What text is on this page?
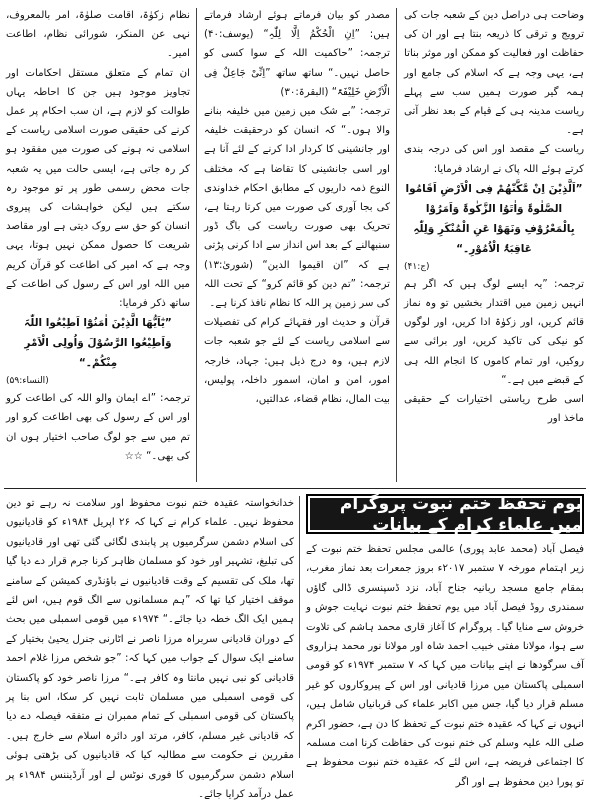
وضاحت ہی دراصل دین کے شعبہ جات کی ترویج و ترقی کا ذریعہ بنتا ہے اور ان کی حفاظت اور فعالیت کو ممکن اور موثر بناتا ہے، یہی وجہ ہے کہ اسلام کی جامع اور ہمہ گیر صورت ہمیں سب سے پہلے ریاست مدینہ ہی کے قیام کے بعد نظر آتی ہے۔

ریاست کے مقصد اور اس کی درجہ بندی کرتے ہوئے اللہ پاک نے ارشاد فرمایا:

”اَلَّذِیْنَ اِنْ مَّکَّنّٰھُمْ فِی الْاَرْضِ اَقَامُوا الصَّلٰوۃَ وَاٰتَوُا الزَّکٰوۃَ وَاَمَرُوْا بِالْمَعْرُوْفِ وَنَھَوْا عَنِ الْمُنْکَرِ وَلِلّٰہِ عَاقِبَۃُ الْاُمُوْرِ۔“

(ج:۴۱)

ترجمہ: ”یہ ایسے لوگ ہیں کہ اگر ہم انہیں زمین میں اقتدار بخشیں تو وہ نماز قائم کریں، اور زکوٰۃ ادا کریں، اور لوگوں کو نیکی کی تاکید کریں، اور برائی سے روکیں، اور تمام کاموں کا انجام اللہ ہی کے قبضے میں ہے۔“

اسی طرح ریاستی اختیارات کے حقیقی ماخذ اور

مصدر کو بیان فرماتے ہوئے ارشاد فرماتے ہیں: ”اِنِ الْحُکْمُ اِلَّا لِلّٰہِ“ (یوسف:۴۰) ترجمہ: ”حاکمیت اللہ کے سوا کسی کو حاصل نہیں۔“ ساتھ ساتھ ”اِنِّیْ جَاعِلٌ فِی الْاَرْضِ خَلِیْفَۃً“ (البقرۃ:۳۰)

ترجمہ: ”بے شک میں زمین میں خلیفہ بنانے والا ہوں۔“ کہ انسان کو درحقیقت خلیفہ اور جانشینی کا کردار ادا کرنے کے لئے آنا ہے اور اسی جانشینی کا تقاضا ہے کہ مختلف النوع ذمہ داریوں کے مطابق احکام خداوندی کی بجا آوری کی صورت میں کرتا رہتا ہے، تحریک بھی صورت ریاست کی باگ ڈور سنبھالنے کے بعد اس انداز سے ادا کرنی پڑتی ہے کہ ”ان اقیموا الدین“ (شوریٰ:۱۳) ترجمہ: ”تم دین کو قائم کرو“ کے تحت اللہ کی سر زمین پر اللہ کا نظام نافذ کرنا ہے۔

قرآن و حدیث اور فقہائے کرام کی تفصیلات سے اسلامی ریاست کے لئے جو شعبہ جات لازم ہیں، وہ درج ذیل ہیں: جہاد، خارجہ امور، امن و امان، اسمور داخلہ، پولیس، بیت المال، نظام قضاء، عدالتیں،

نظام زکوٰۃ، اقامت صلوٰۃ، امر بالمعروف، نہی عن المنکر، شورائی نظام، اطاعت امیر۔

ان تمام کے متعلق مستقل احکامات اور تجاویز موجود ہیں جن کا احاطہ یہاں طوالت کو لازم ہے، ان سب احکام پر عمل کرنے کی حقیقی صورت اسلامی ریاست کے اسلامی نہ ہونے کی صورت میں مفقود ہو کر رہ جاتی ہے، ایسی حالت میں یہ شعبہ جات محض رسمی طور پر تو موجود رہ سکتے ہیں لیکن خواہشات کی پیروی انسان کو حق سے روک دیتی ہے اور مقاصد شریعت کا حصول ممکن نہیں ہوتا، یہی وجہ ہے کہ امیر کی اطاعت کو قرآن کریم میں اللہ اور اس کے رسول کی اطاعت کے ساتھ ذکر فرمایا:

”یٰٓاَیُّھَا الَّذِیْنَ اٰمَنُوْٓا اَطِیْعُوا اللّٰہَ وَاَطِیْعُوا الرَّسُوْلَ وَاُولِی الْاَمْرِ مِنْکُمْ۔“

(النساء:۵۹)

ترجمہ: ”اے ایمان والو اللہ کی اطاعت کرو اور اس کے رسول کی بھی اطاعت کرو اور تم میں سے جو لوگ صاحب اختیار ہوں ان کی بھی۔“ ☆☆

یوم تحفظ ختم نبوت پروگرام میں علماء کرام کے بیانات
فیصل آباد (محمد عابد پوری) عالمی مجلس تحفظ ختم نبوت کے زیر اہتمام مورخہ ۷ ستمبر ۲۰۱۷ء بروز جمعرات بعد نماز مغرب، بمقام جامع مسجد ربانیہ جناح آباد، نزد ڈسپنسری ڈالی گاؤں سمندری روڈ فیصل آباد میں یوم تحفظ ختم نبوت نہایت جوش و خروش سے منایا گیا۔ پروگرام کا آغاز قاری محمد ہاشم کی تلاوت سے ہوا، مولانا مفتی خبیب احمد شاہ اور مولانا نور محمد ہزاروی آف سرگودھا نے اپنے بیانات میں کہا کہ ۷ ستمبر ۱۹۷۴ء کو قومی اسمبلی پاکستان میں مرزا قادیانی اور اس کے پیروکاروں کو غیر مسلم قرار دیا گیا، جس میں اکابر علماء کی قربانیاں شامل ہیں، انہوں نے کہا کہ عقیدہ ختم نبوت کے تحفظ کا دن ہے، حضور اکرم صلی اللہ علیہ وسلم کی ختم نبوت کی حفاظت کرنا امت مسلمہ کا اجتماعی فریضہ ہے، اس لئے کہ عقیدہ ختم نبوت محفوظ ہے تو پورا دین محفوظ ہے اور اگر
خدانخواستہ عقیدہ ختم نبوت محفوظ اور سلامت نہ رہے تو دین محفوظ نہیں۔ علماء کرام نے کہا کہ ۲۶ اپریل ۱۹۸۴ء کو قادیانیوں کی اسلام دشمن سرگرمیوں پر پابندی لگائی گئی تھی اور قادیانیوں کی تبلیغ، تشہیر اور خود کو مسلمان ظاہر کرنا جرم قرار دے دیا گیا تھا، ملک کی تقسیم کے وقت قادیانیوں نے باؤنڈری کمیشن کے سامنے موقف اختیار کیا تھا کہ ”ہم مسلمانوں سے الگ قوم ہیں، اس لئے ہمیں ایک الگ خطہ دیا جائے۔“ ۱۹۷۴ء میں قومی اسمبلی میں بحث کے دوران قادیانی سربراہ مرزا ناصر نے اٹارنی جنرل یحییٰ بختیار کے سامنے ایک سوال کے جواب میں کہا کہ: ”جو شخص مرزا غلام احمد قادیانی کو نبی نہیں مانتا وہ کافر ہے۔“ مرزا ناصر خود کو پاکستان کی قومی اسمبلی میں مسلمان ثابت نہیں کر سکا، اس بنا پر پاکستان کی قومی اسمبلی کے تمام ممبران نے متفقہ فیصلہ دے دیا کہ قادیانی غیر مسلم، کافر، مرتد اور دائرہ اسلام سے خارج ہیں۔ مقررین نے حکومت سے مطالبہ کیا کہ قادیانیوں کی بڑھتی ہوئی اسلام دشمن سرگرمیوں کا فوری نوٹس لے اور آرڈیننس ۱۹۸۴ء پر عمل درآمد کرایا جائے۔
